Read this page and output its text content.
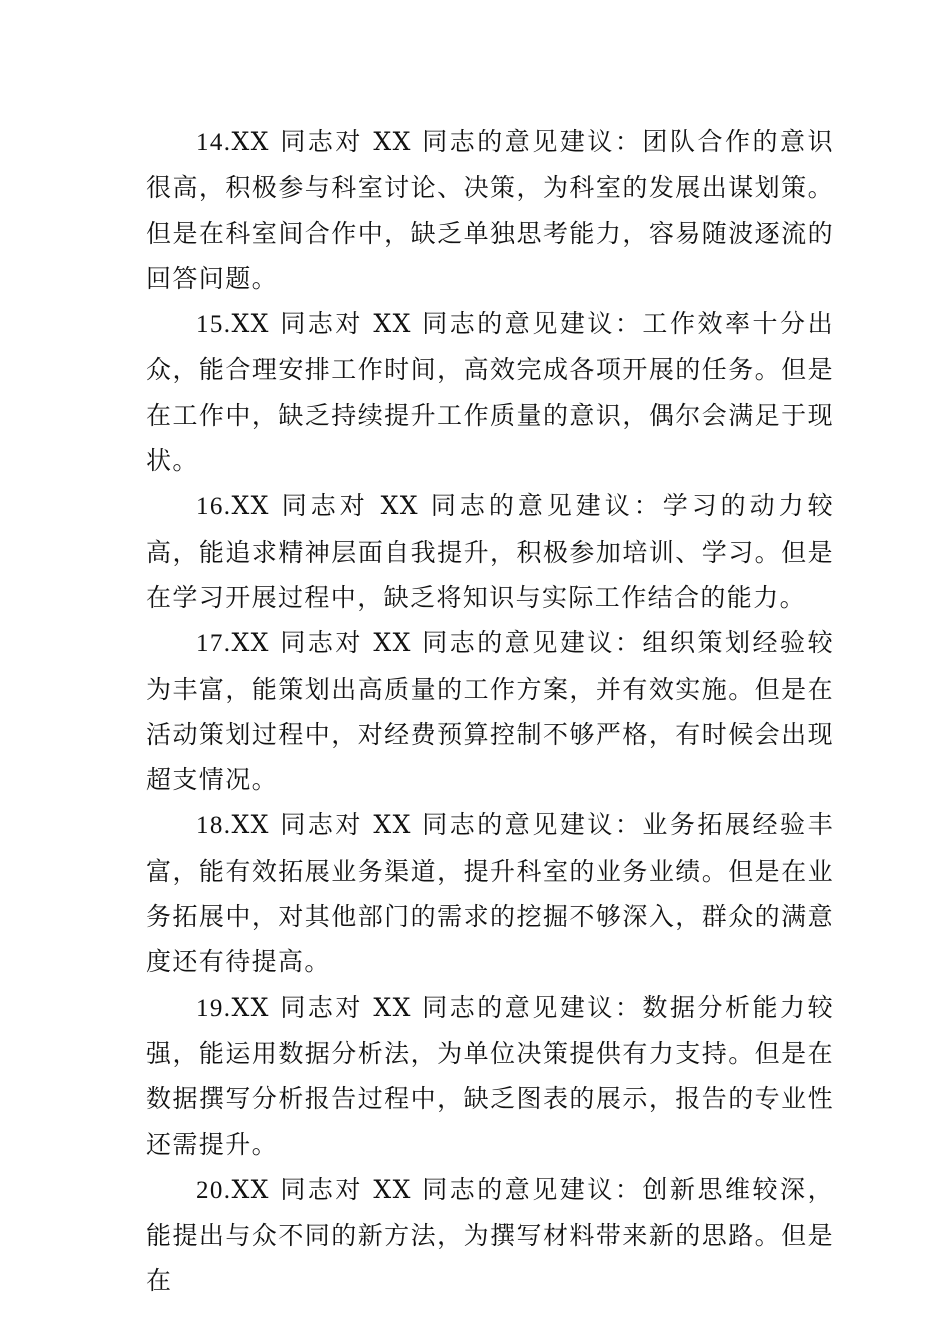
14.XX 同志对 XX 同志的意见建议：团队合作的意识很高，积极参与科室讨论、决策，为科室的发展出谋划策。但是在科室间合作中，缺乏单独思考能力，容易随波逐流的回答问题。

15.XX 同志对 XX 同志的意见建议：工作效率十分出众，能合理安排工作时间，高效完成各项开展的任务。但是在工作中，缺乏持续提升工作质量的意识，偶尔会满足于现状。

16.XX 同志对 XX 同志的意见建议：学习的动力较高，能追求精神层面自我提升，积极参加培训、学习。但是在学习开展过程中，缺乏将知识与实际工作结合的能力。

17.XX 同志对 XX 同志的意见建议：组织策划经验较为丰富，能策划出高质量的工作方案，并有效实施。但是在活动策划过程中，对经费预算控制不够严格，有时候会出现超支情况。

18.XX 同志对 XX 同志的意见建议：业务拓展经验丰富，能有效拓展业务渠道，提升科室的业务业绩。但是在业务拓展中，对其他部门的需求的挖掘不够深入，群众的满意度还有待提高。

19.XX 同志对 XX 同志的意见建议：数据分析能力较强，能运用数据分析法，为单位决策提供有力支持。但是在数据撰写分析报告过程中，缺乏图表的展示，报告的专业性还需提升。

20.XX 同志对 XX 同志的意见建议：创新思维较深，能提出与众不同的新方法，为撰写材料带来新的思路。但是在
